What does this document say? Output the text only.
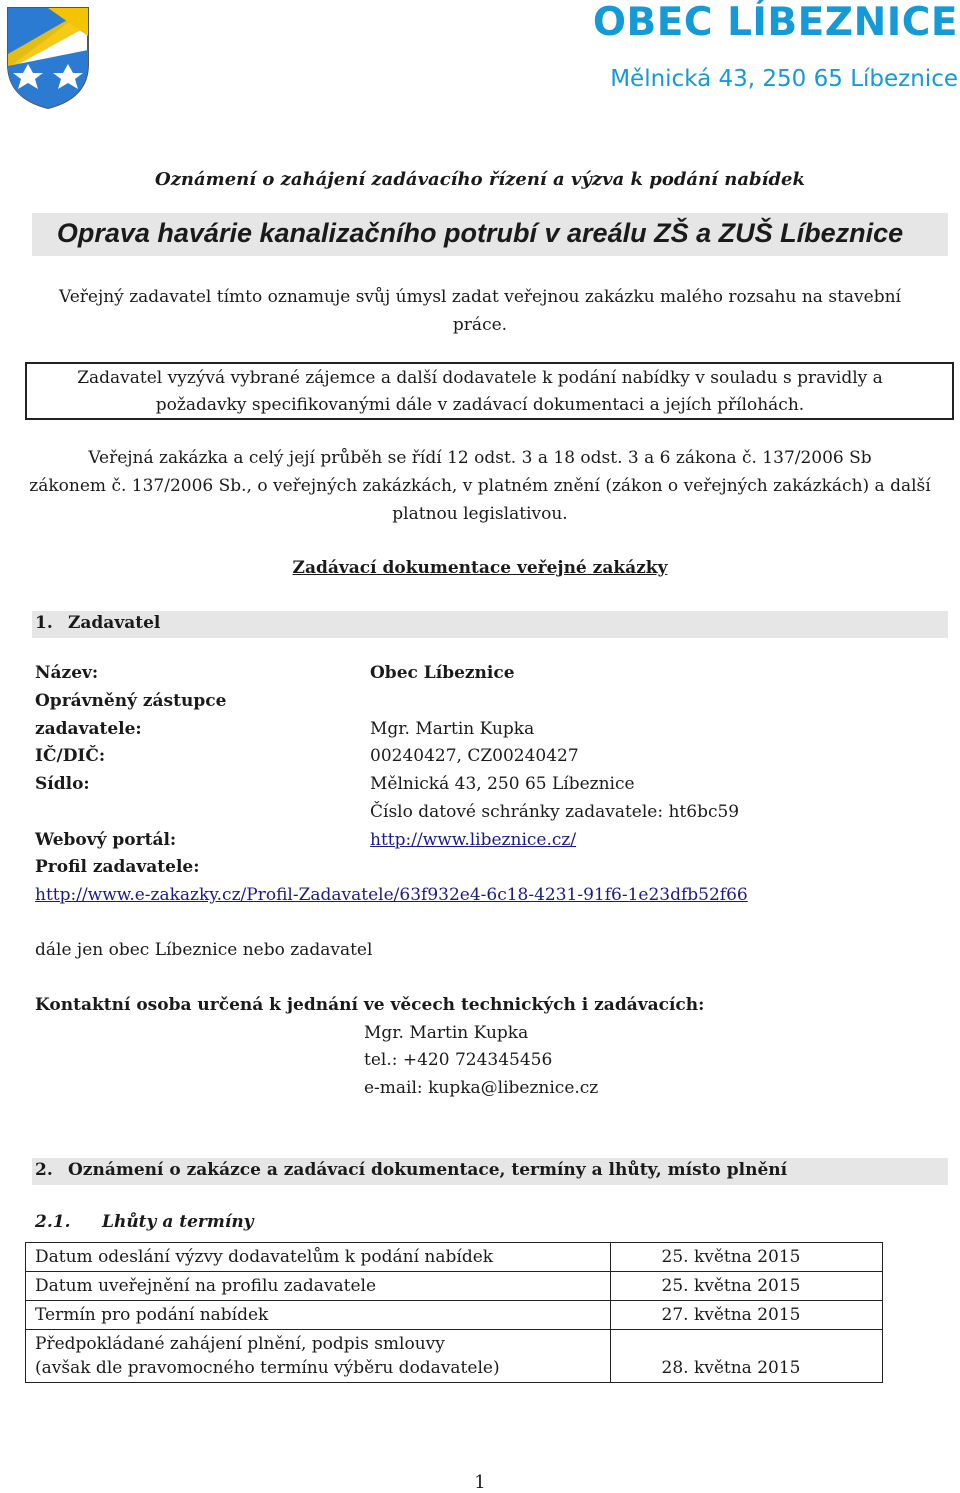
OBEC LÍBEZNICE
Mělnická 43, 250 65 Líbeznice
Oznámení o zahájení zadávacího řízení a výzva k podání nabídek
Oprava havárie kanalizačního potrubí v areálu ZŠ a ZUŠ Líbeznice
Veřejný zadavatel tímto oznamuje svůj úmysl zadat veřejnou zakázku malého rozsahu na stavební
práce.
Zadavatel vyzývá vybrané zájemce a další dodavatele k podání nabídky v souladu s pravidly a
požadavky specifikovanými dále v zadávací dokumentaci a jejích přílohách.
Veřejná zakázka a celý její průběh se řídí 12 odst. 3 a 18 odst. 3 a 6 zákona č. 137/2006 Sb
zákonem č. 137/2006 Sb., o veřejných zakázkách, v platném znění (zákon o veřejných zakázkách) a další
platnou legislativou.
Zadávací dokumentace veřejné zakázky
1. Zadavatel
Název:	Obec Líbeznice
Oprávněný zástupce
zadavatele:	Mgr. Martin Kupka
IČ/DIČ:	00240427, CZ00240427
Sídlo:	Mělnická 43, 250 65 Líbeznice
Číslo datové schránky zadavatele: ht6bc59
Webový portál:	http://www.libeznice.cz/
Profil zadavatele:
http://www.e-zakazky.cz/Profil-Zadavatele/63f932e4-6c18-4231-91f6-1e23dfb52f66
dále jen obec Líbeznice nebo zadavatel
Kontaktní osoba určená k jednání ve věcech technických i zadávacích:
Mgr. Martin Kupka
tel.: +420 724345456
e-mail: kupka@libeznice.cz
2. Oznámení o zakázce a zadávací dokumentace, termíny a lhůty, místo plnění
2.1. Lhůty a termíny
Datum odeslání výzvy dodavatelům k podání nabídek	25. května 2015
Datum uveřejnění na profilu zadavatele	25. května 2015
Termín pro podání nabídek	27. května 2015

Předpokládané zahájení plnění, podpis smlouvy
(avšak dle pravomocného termínu výběru dodavatele)	28. května 2015
1
